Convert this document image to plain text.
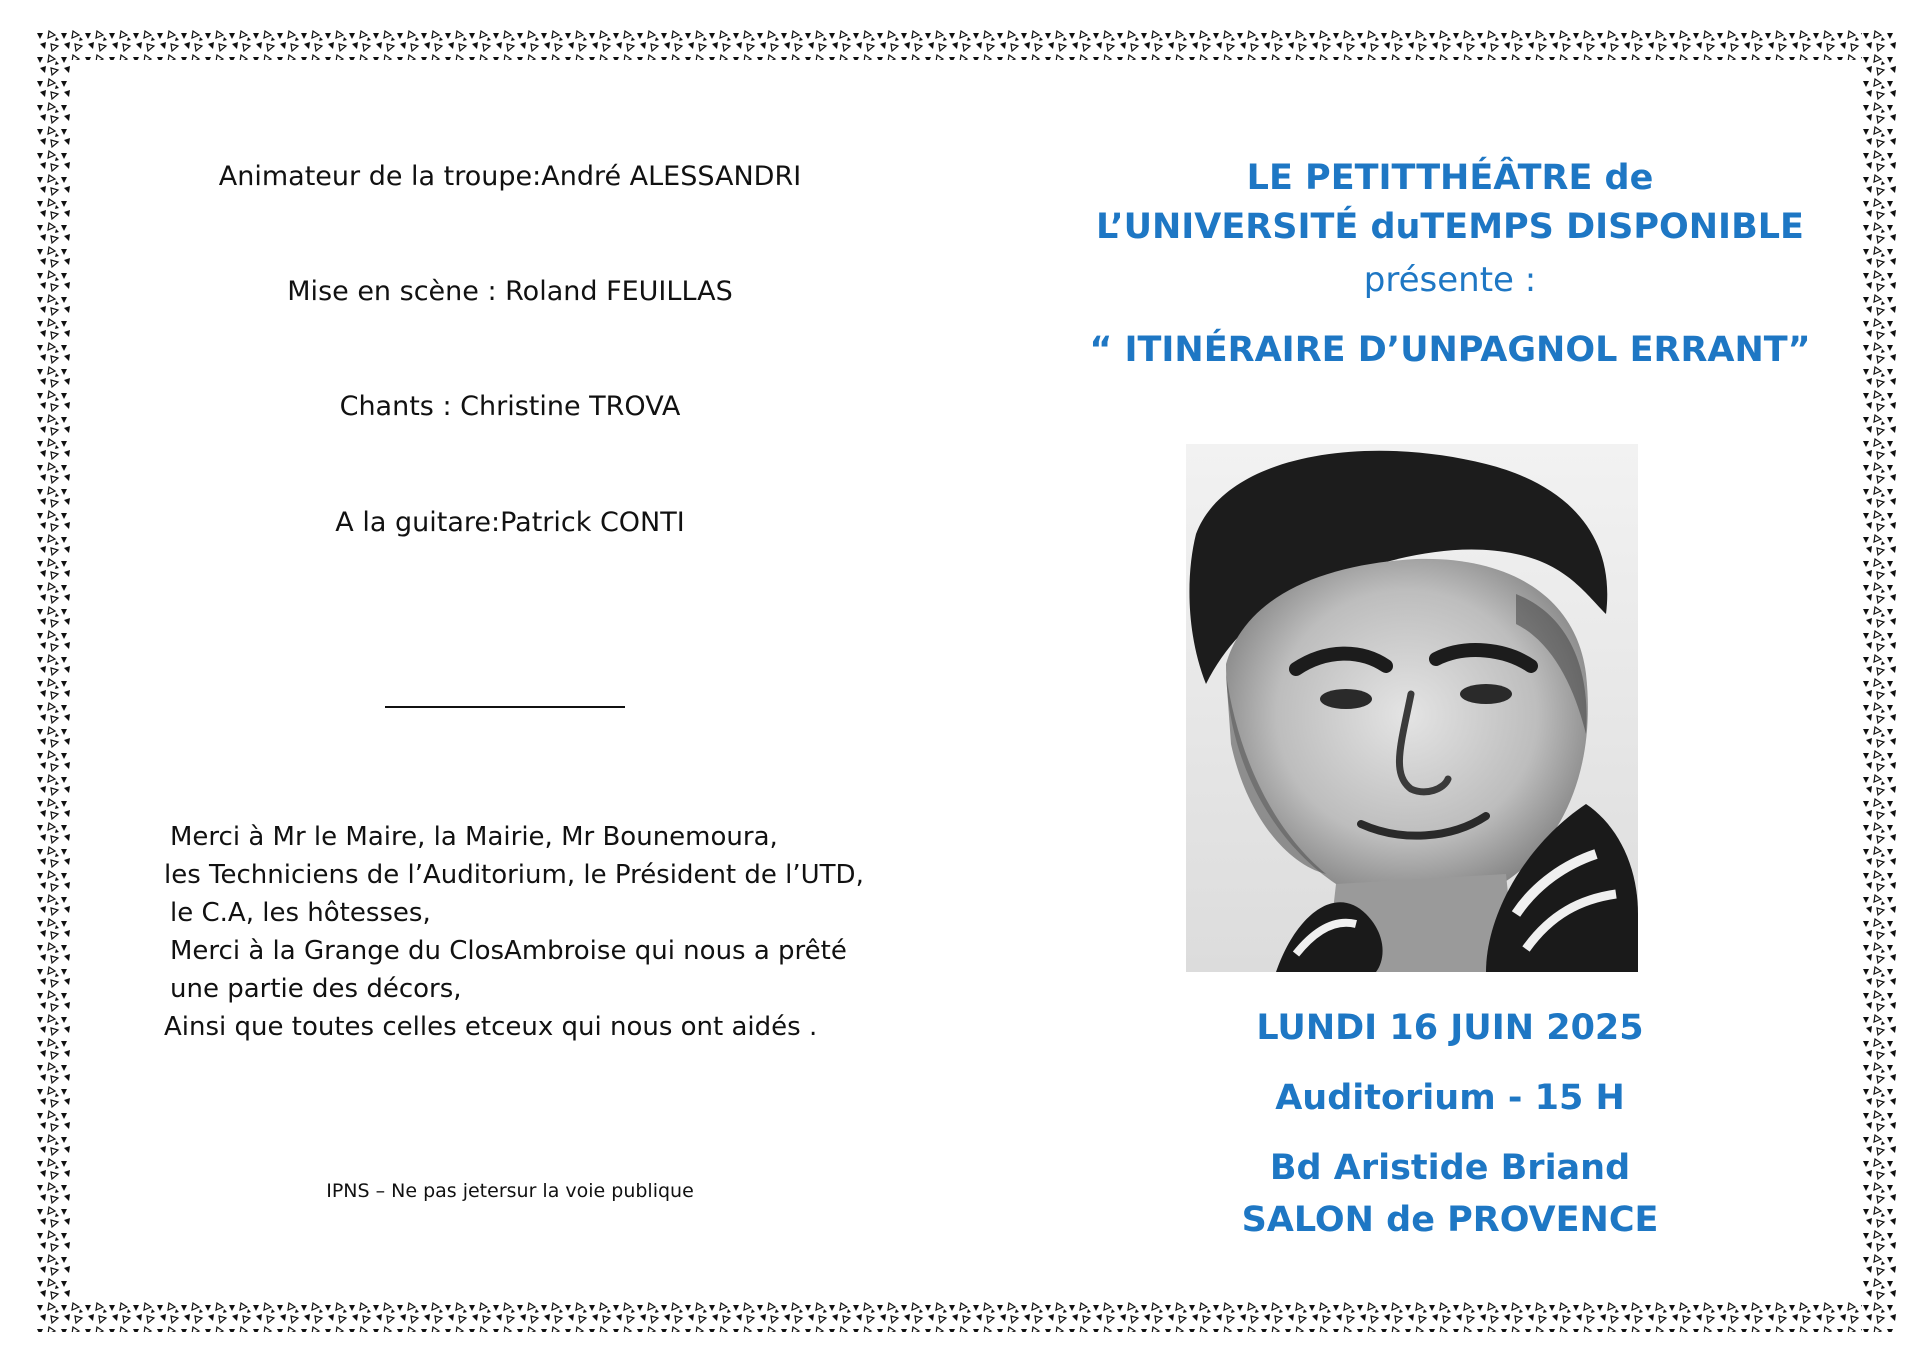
Animateur de la troupe:André ALESSANDRI

Mise en scène : Roland FEUILLAS

Chants : Christine TROVA

A la guitare:Patrick CONTI

Merci à Mr le Maire, la Mairie, Mr Bounemoura,
les Techniciens de l’Auditorium, le Président de l’UTD,
le C.A, les hôtesses,
Merci à la Grange du ClosAmbroise qui nous a prêté
une partie des décors,
Ainsi que toutes celles etceux qui nous ont aidés .

IPNS – Ne pas jetersur la voie publique

LE PETITTHÉÂTRE de
L’UNIVERSITÉ duTEMPS DISPONIBLE

présente :

“ ITINÉRAIRE D’UNPAGNOL ERRANT”

LUNDI 16 JUIN 2025

Auditorium - 15 H

Bd Aristide Briand

SALON de PROVENCE
